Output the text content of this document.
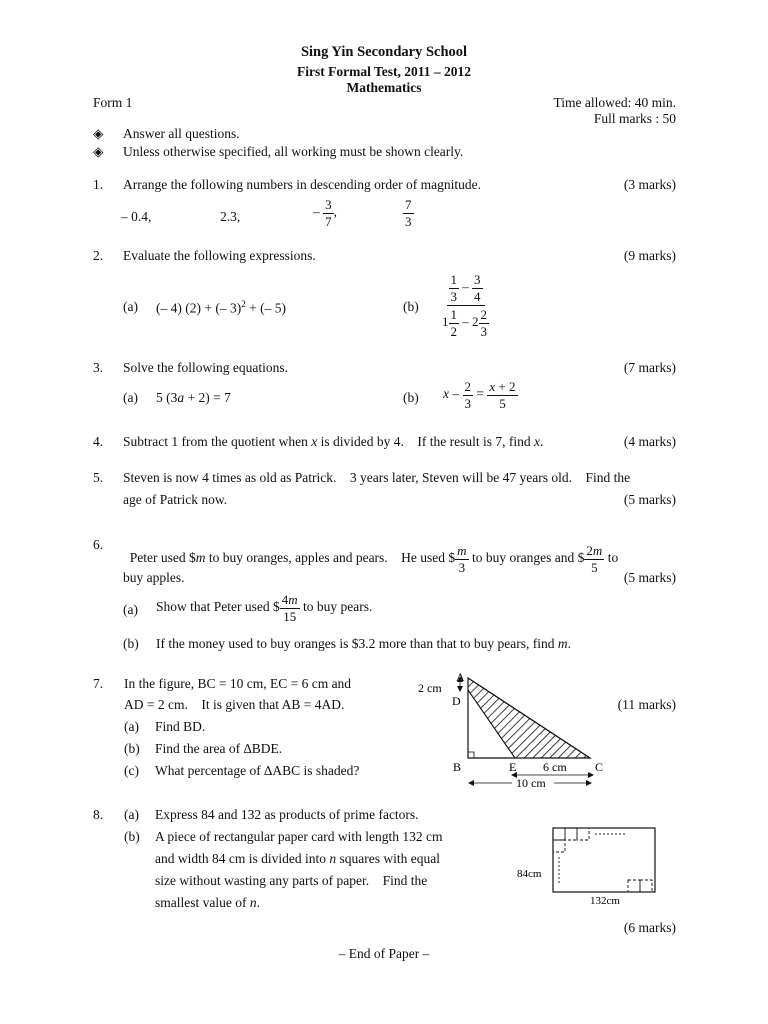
Sing Yin Secondary School
First Formal Test, 2011 – 2012
Mathematics
Form 1	Time allowed: 40 min.
Full marks : 50
◈ Answer all questions.
◈ Unless otherwise specified, all working must be shown clearly.
1. Arrange the following numbers in descending order of magnitude.	(3 marks)
– 0.4,	2.3,	– $\frac{3}{7}$ ,	$\frac{7}{3}$
2. Evaluate the following expressions.	(9 marks)
(a) (– 4) (2) + (– 3)$^2$ + (– 5)	$(b) \frac{\frac{1}{3} - \frac{3}{4}}{1 \frac{1}{2} - 2 \frac{2}{3}}$
3. Solve the following equations.	(7 marks)
(a) 5 (3a + 2) = 7	(b) $x - \frac{2}{3} = \frac{x + 2}{5}$
4. Subtract 1 from the quotient when x is divided by 4.    If the result is 7, find x.	(4 marks)
5. Steven is now 4 times as old as Patrick.    3 years later, Steven will be 47 years old.    Find the
age of Patrick now.	(5 marks)
6.

Peter used $m to buy oranges, apples and pears.    He used $ $\frac{m}{3}$ to buy oranges and $ $\frac{2m}{5}$ to

buy apples.	(5 marks)
(a) Show that Peter used $ $\frac{4m}{15}$ to buy pears.
(b) If the money used to buy oranges is $3.2 more than that to buy pears, find m.
7. In the figure, BC = 10 cm, EC = 6 cm and
AD = 2 cm.    It is given that AB = 4AD.	(11 marks)
(a) Find BD.
(b) Find the area of ∆BDE.
(c) What percentage of ∆ABC is shaded?
A
D
2 cm
B	E	C
6 cm
10 cm
8. (a) Express 84 and 132 as products of prime factors.
(b) A piece of rectangular paper card with length 132 cm
and width 84 cm is divided into n squares with equal
size without wasting any parts of paper.    Find the
smallest value of n.
(6 marks)
84cm
132cm
– End of Paper –
